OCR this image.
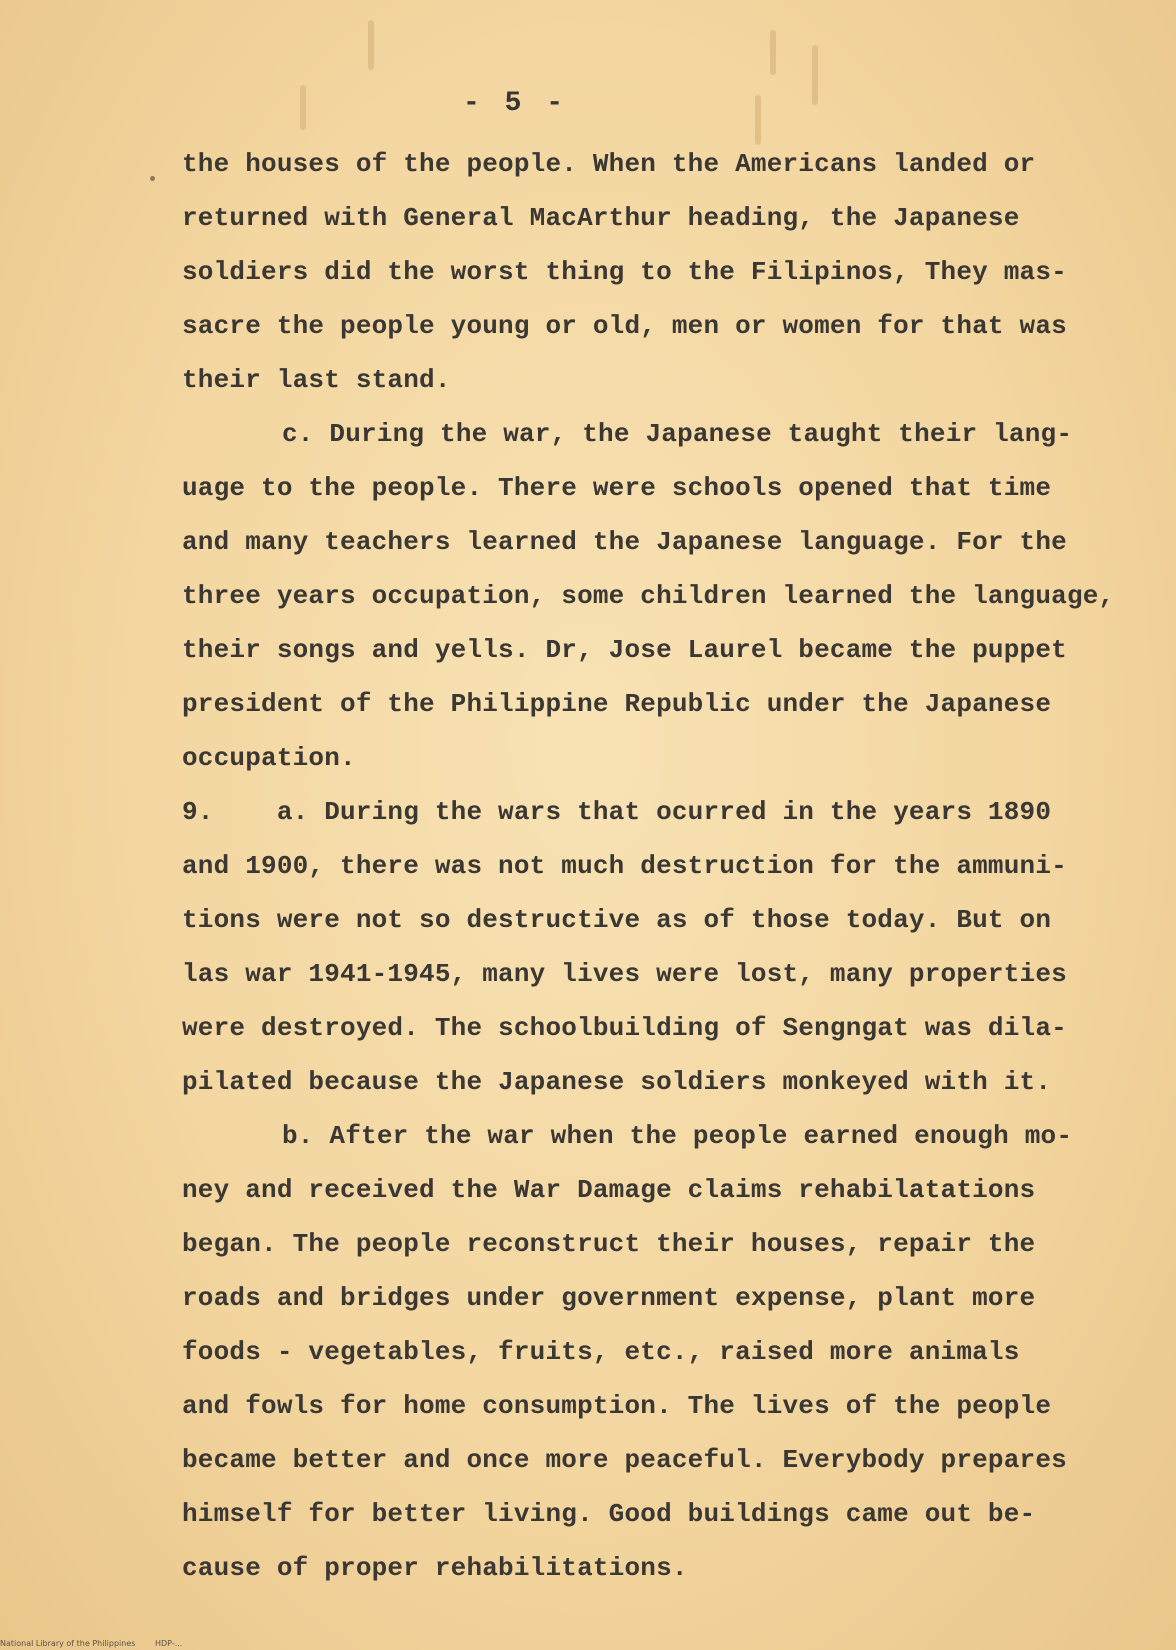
- 5 -
the houses of the people. When the Americans landed or
returned with General MacArthur heading, the Japanese
soldiers did the worst thing to the Filipinos, They mas-
sacre the people young or old, men or women for that was
their last stand.
c. During the war, the Japanese taught their lang-
uage to the people. There were schools opened that time
and many teachers learned the Japanese language. For the
three years occupation, some children learned the language,
their songs and yells. Dr, Jose Laurel became the puppet
president of the Philippine Republic under the Japanese
occupation.
9.    a. During the wars that ocurred in the years 1890
and 1900, there was not much destruction for the ammuni-
tions were not so destructive as of those today. But on
las war 1941-1945, many lives were lost, many properties
were destroyed. The schoolbuilding of Sengngat was dila-
pilated because the Japanese soldiers monkeyed with it.
b. After the war when the people earned enough mo-
ney and received the War Damage claims rehabilatations
began. The people reconstruct their houses, repair the
roads and bridges under government expense, plant more
foods - vegetables, fruits, etc., raised more animals
and fowls for home consumption. The lives of the people
became better and once more peaceful. Everybody prepares
himself for better living. Good buildings came out be-
cause of proper rehabilitations.
National Library of the Philippines HDP-...
